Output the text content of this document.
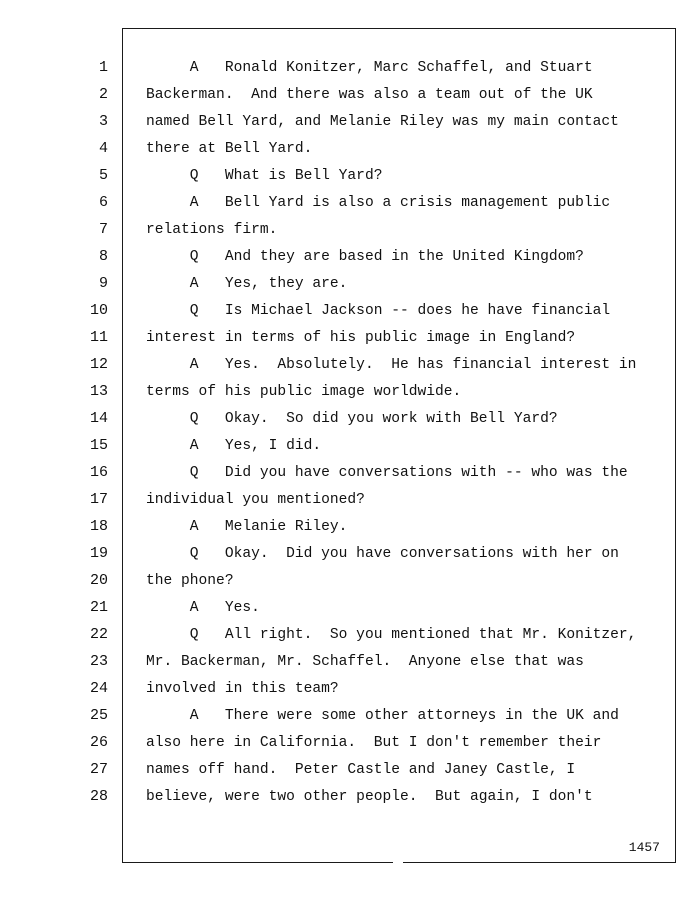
1
2
3
4
5
6
7
8
9
10
11
12
13
14
15
16
17
18
19
20
21
22
23
24
25
26
27
28
A   Ronald Konitzer, Marc Schaffel, and Stuart
Backerman.  And there was also a team out of the UK
named Bell Yard, and Melanie Riley was my main contact
there at Bell Yard.
Q   What is Bell Yard?
A   Bell Yard is also a crisis management public
relations firm.
Q   And they are based in the United Kingdom?
A   Yes, they are.
Q   Is Michael Jackson -- does he have financial
interest in terms of his public image in England?
A   Yes.  Absolutely.  He has financial interest in
terms of his public image worldwide.
Q   Okay.  So did you work with Bell Yard?
A   Yes, I did.
Q   Did you have conversations with -- who was the
individual you mentioned?
A   Melanie Riley.
Q   Okay.  Did you have conversations with her on
the phone?
A   Yes.
Q   All right.  So you mentioned that Mr. Konitzer,
Mr. Backerman, Mr. Schaffel.  Anyone else that was
involved in this team?
A   There were some other attorneys in the UK and
also here in California.  But I don't remember their
names off hand.  Peter Castle and Janey Castle, I
believe, were two other people.  But again, I don't
1457
